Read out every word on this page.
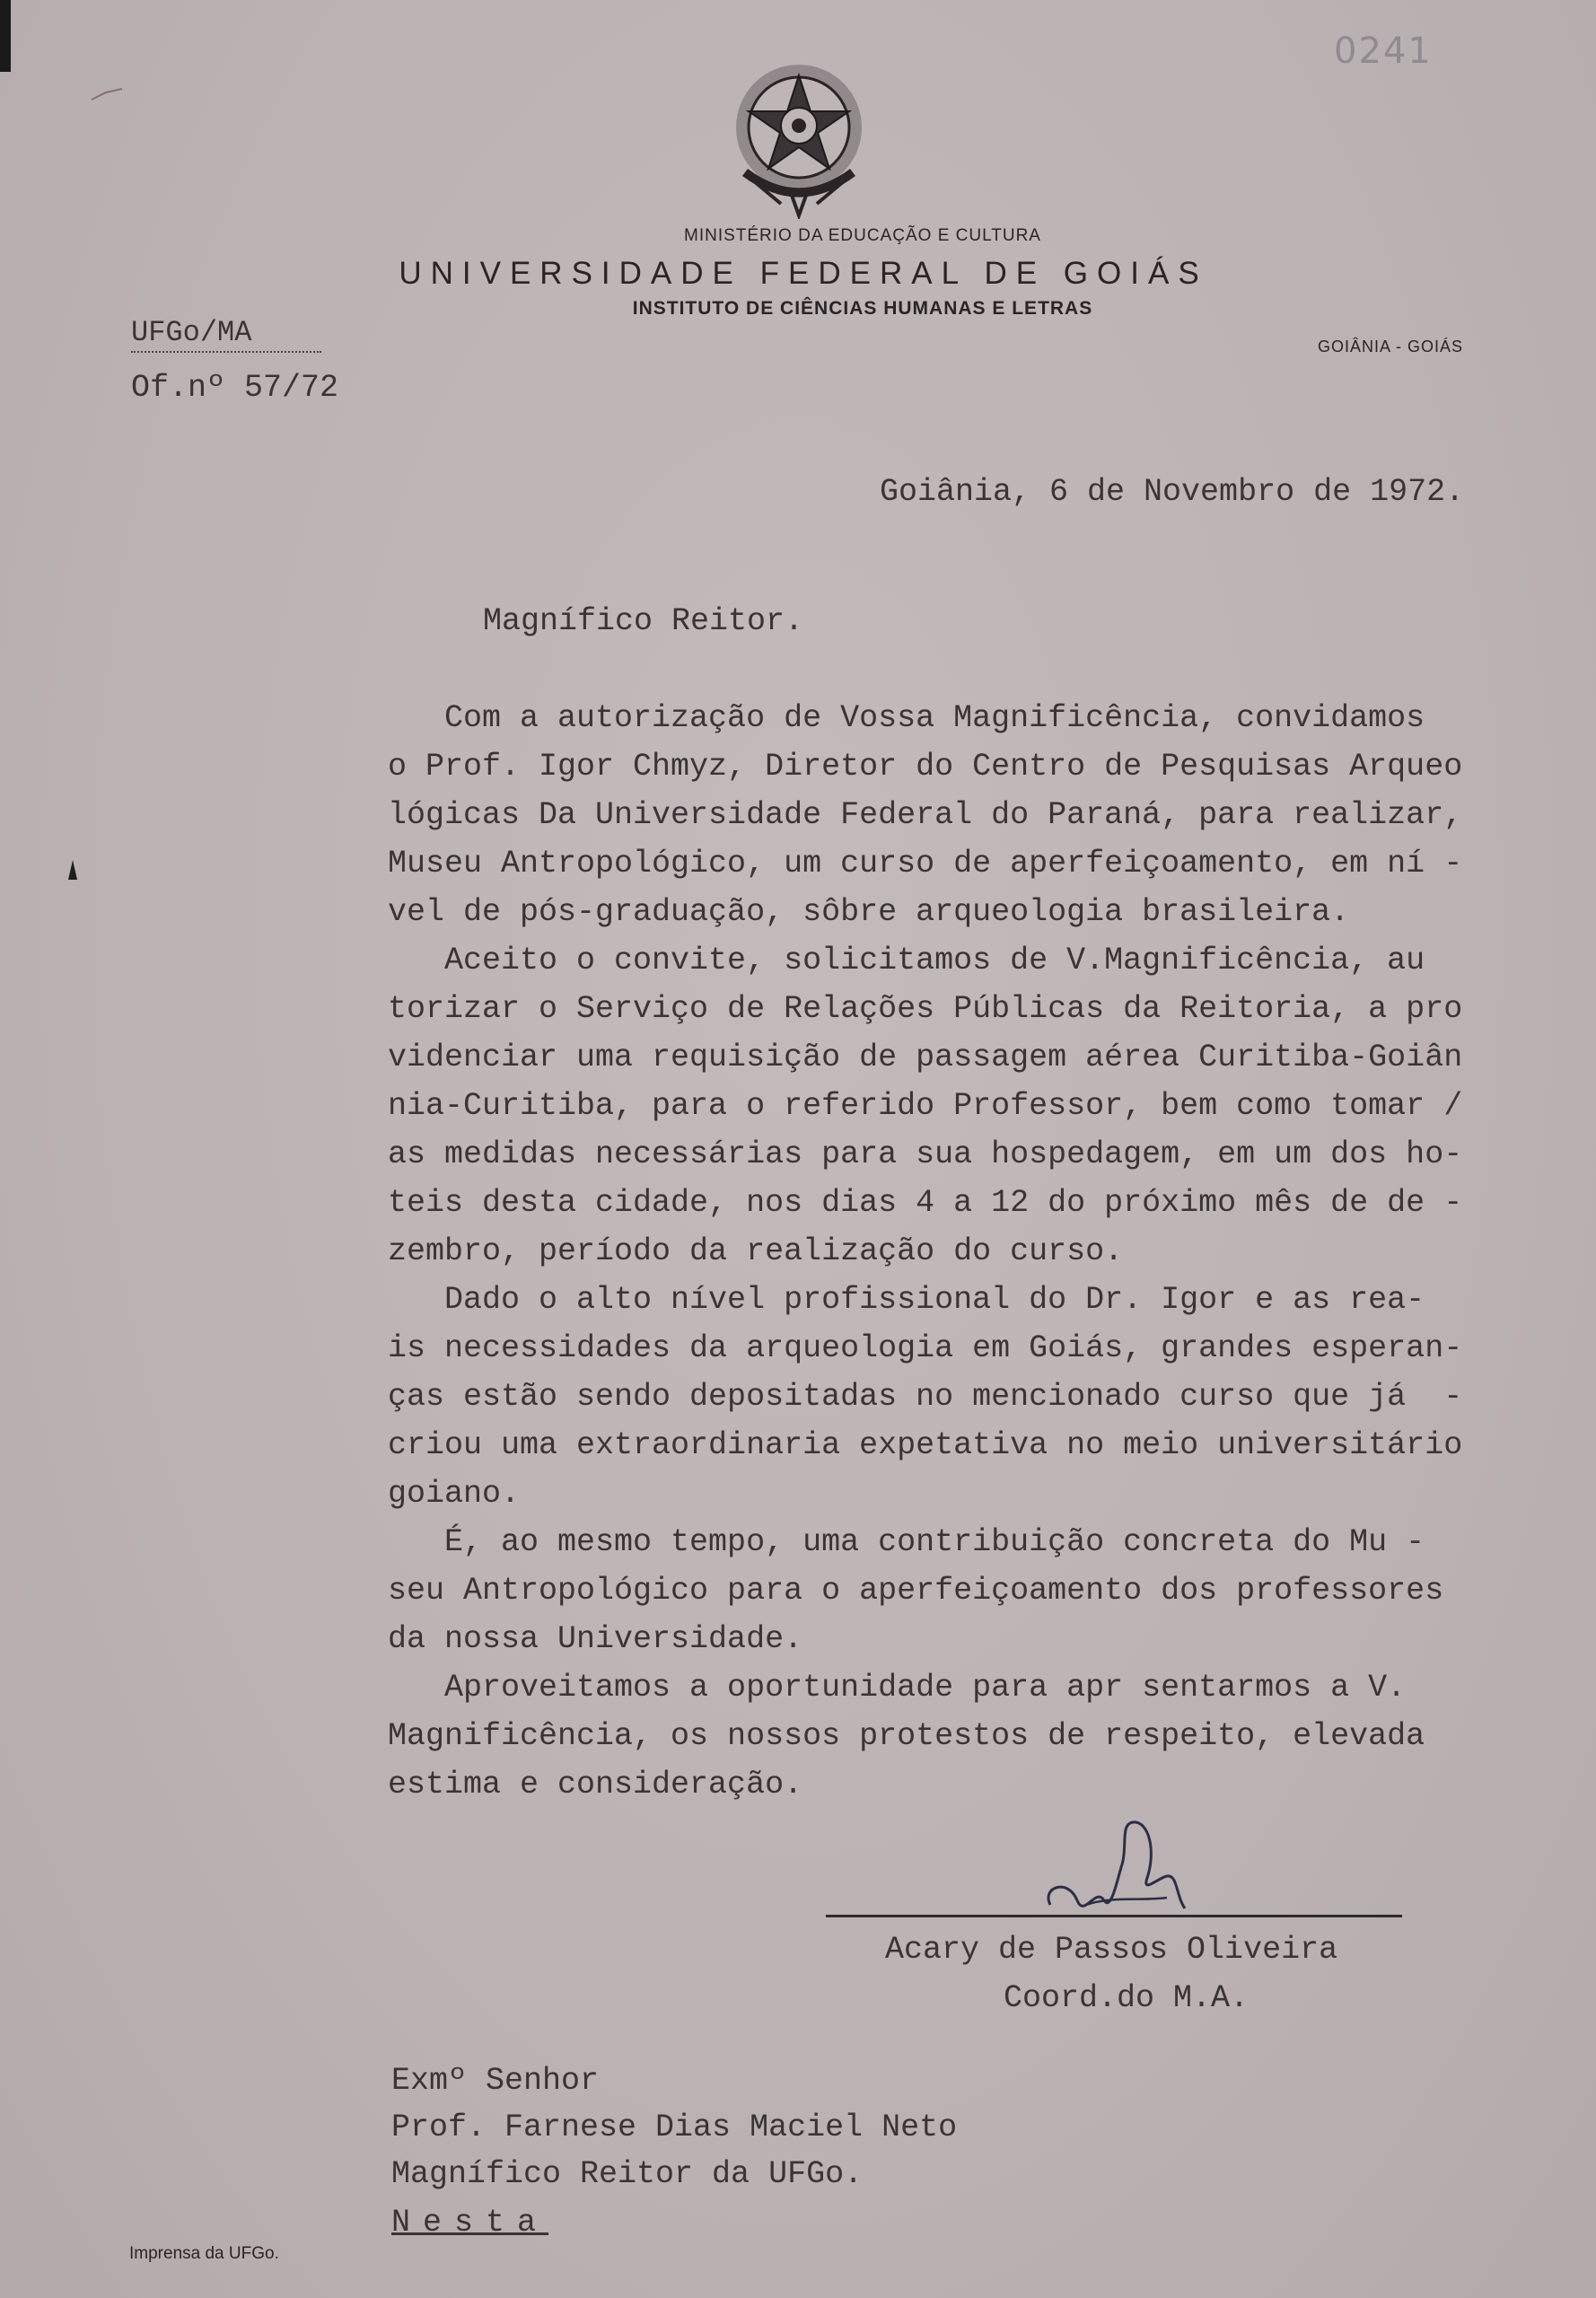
0241
MINISTÉRIO DA EDUCAÇÃO E CULTURA
UNIVERSIDADE FEDERAL DE GOIÁS
INSTITUTO DE CIÊNCIAS HUMANAS E LETRAS
GOIÂNIA - GOIÁS
UFGo/MA
Of.nº 57/72
Goiânia, 6 de Novembro de 1972.
Magnífico Reitor.
Com a autorização de Vossa Magnificência, convidamos
o Prof. Igor Chmyz, Diretor do Centro de Pesquisas Arqueo
lógicas Da Universidade Federal do Paraná, para realizar,
Museu Antropológico, um curso de aperfeiçoamento, em ní -
vel de pós-graduação, sôbre arqueologia brasileira.
Aceito o convite, solicitamos de V.Magnificência, au
torizar o Serviço de Relações Públicas da Reitoria, a pro
videnciar uma requisição de passagem aérea Curitiba-Goiân
nia-Curitiba, para o referido Professor, bem como tomar /
as medidas necessárias para sua hospedagem, em um dos ho-
teis desta cidade, nos dias 4 a 12 do próximo mês de de -
zembro, período da realização do curso.
Dado o alto nível profissional do Dr. Igor e as rea-
is necessidades da arqueologia em Goiás, grandes esperan-
ças estão sendo depositadas no mencionado curso que já  -
criou uma extraordinaria expetativa no meio universitário
goiano.
É, ao mesmo tempo, uma contribuição concreta do Mu -
seu Antropológico para o aperfeiçoamento dos professores
da nossa Universidade.
Aproveitamos a oportunidade para apr sentarmos a V.
Magnificência, os nossos protestos de respeito, elevada
estima e consideração.
Acary de Passos Oliveira
Coord.do M.A.
Exmº Senhor
Prof. Farnese Dias Maciel Neto
Magnífico Reitor da UFGo.
Nesta
Imprensa da UFGo.
